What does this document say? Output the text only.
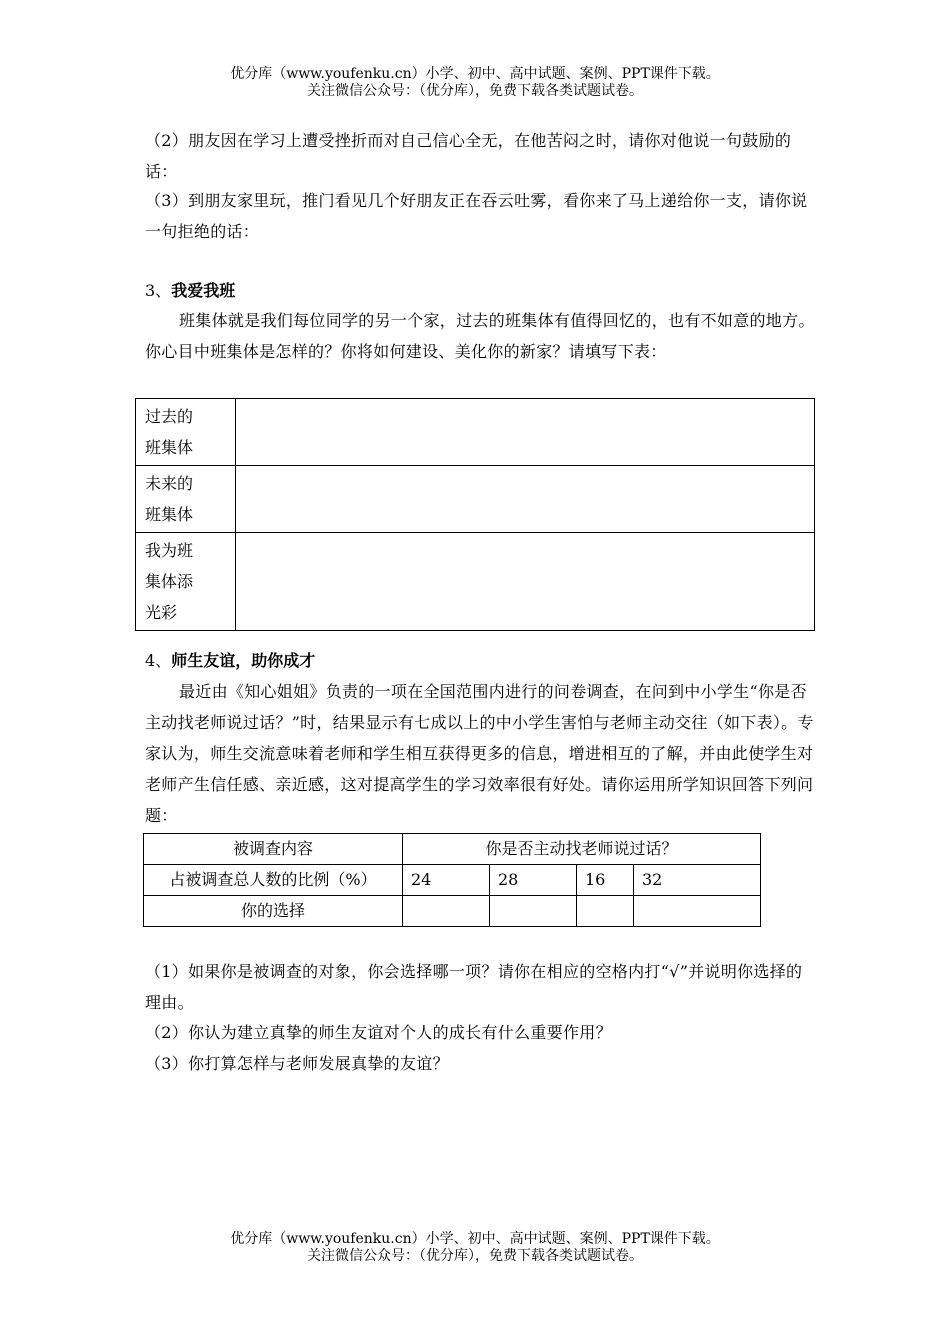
优分库（www.youfenku.cn）小学、初中、高中试题、案例、PPT课件下载。
关注微信公众号：（优分库），免费下载各类试题试卷。
（2）朋友因在学习上遭受挫折而对自己信心全无，在他苦闷之时，请你对他说一句鼓励的话：
（3）到朋友家里玩，推门看见几个好朋友正在吞云吐雾，看你来了马上递给你一支，请你说一句拒绝的话：
3、我爱我班
班集体就是我们每位同学的另一个家，过去的班集体有值得回忆的，也有不如意的地方。你心目中班集体是怎样的？你将如何建设、美化你的新家？请填写下表：
过去的
班集体	

未来的
班集体	

我为班
集体添
光彩	

4、师生友谊，助你成才
最近由《知心姐姐》负责的一项在全国范围内进行的问卷调查，在问到中小学生“你是否主动找老师说过话？”时，结果显示有七成以上的中小学生害怕与老师主动交往（如下表）。专家认为，师生交流意味着老师和学生相互获得更多的信息，增进相互的了解，并由此使学生对老师产生信任感、亲近感，这对提高学生的学习效率很有好处。请你运用所学知识回答下列问题：
被调查内容	你是否主动找老师说过话？			
占被调查总人数的比例（%）	24	28	16	32
你的选择				
（1）如果你是被调查的对象，你会选择哪一项？请你在相应的空格内打“√”并说明你选择的理由。
（2）你认为建立真挚的师生友谊对个人的成长有什么重要作用？
（3）你打算怎样与老师发展真挚的友谊？
优分库（www.youfenku.cn）小学、初中、高中试题、案例、PPT课件下载。
关注微信公众号：（优分库），免费下载各类试题试卷。
